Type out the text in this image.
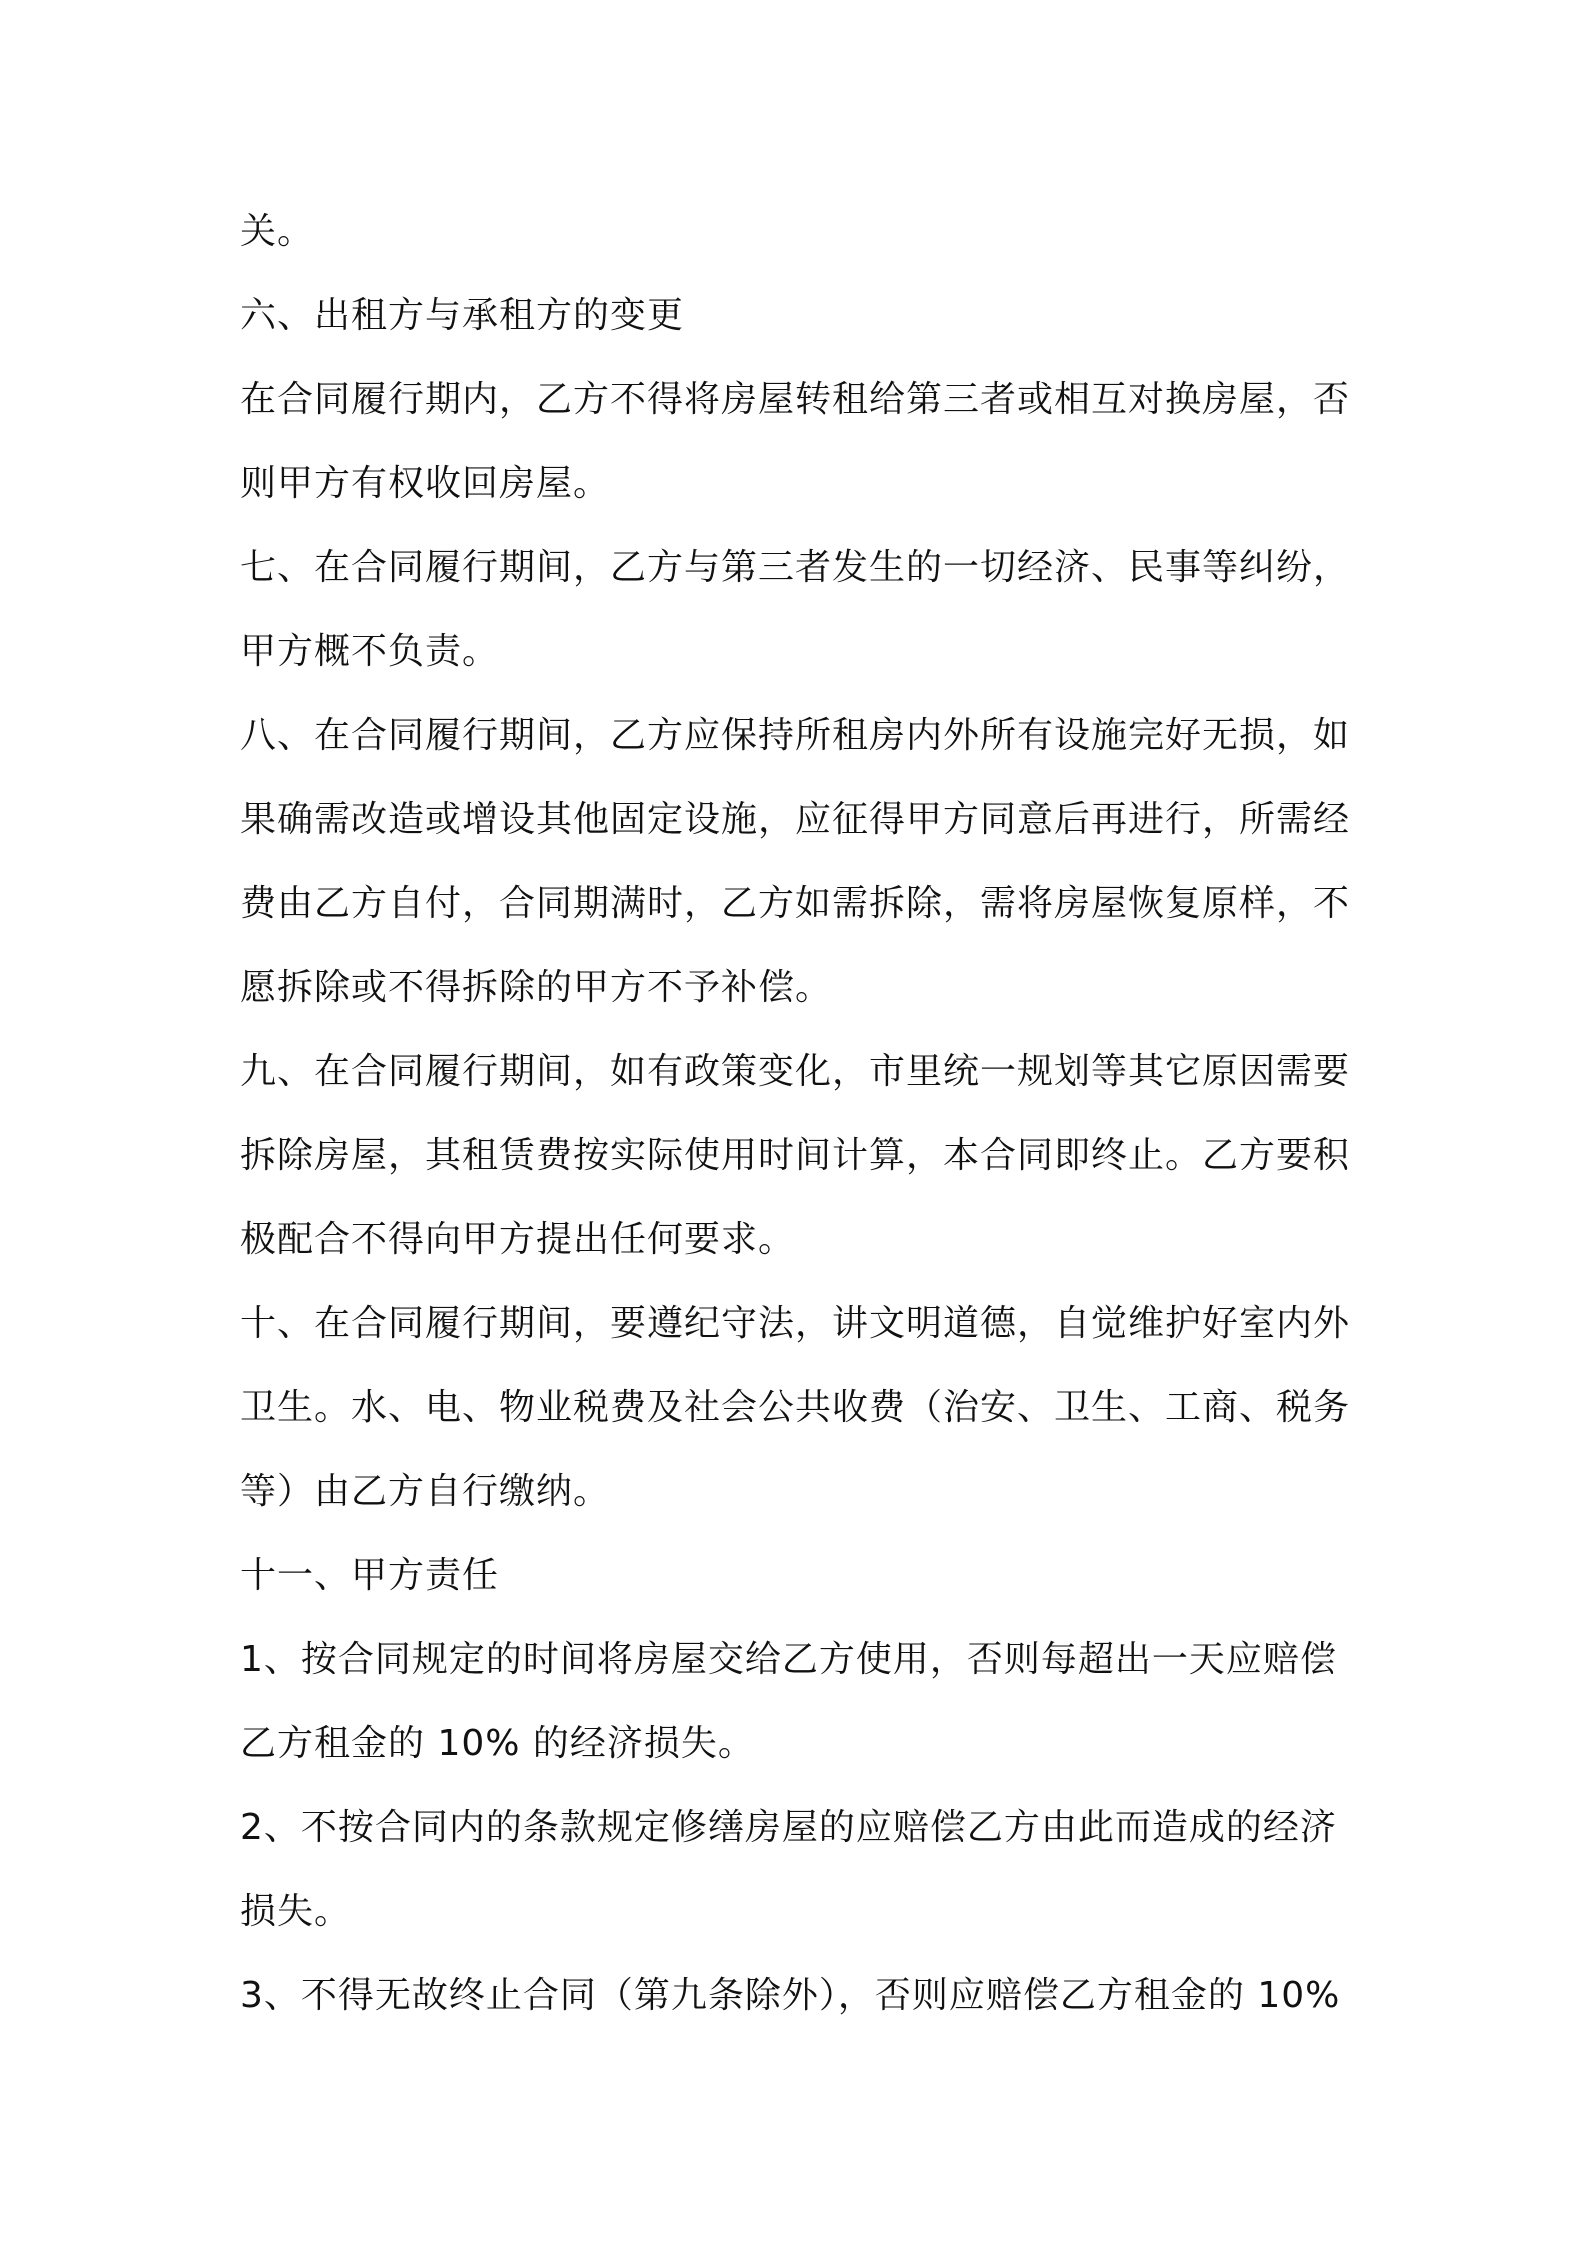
关。
六、出租方与承租方的变更
在合同履行期内，乙方不得将房屋转租给第三者或相互对换房屋，否
则甲方有权收回房屋。
七、在合同履行期间，乙方与第三者发生的一切经济、民事等纠纷，
甲方概不负责。
八、在合同履行期间，乙方应保持所租房内外所有设施完好无损，如
果确需改造或增设其他固定设施，应征得甲方同意后再进行，所需经
费由乙方自付，合同期满时，乙方如需拆除，需将房屋恢复原样，不
愿拆除或不得拆除的甲方不予补偿。
九、在合同履行期间，如有政策变化，市里统一规划等其它原因需要
拆除房屋，其租赁费按实际使用时间计算，本合同即终止。乙方要积
极配合不得向甲方提出任何要求。
十、在合同履行期间，要遵纪守法，讲文明道德，自觉维护好室内外
卫生。水、电、物业税费及社会公共收费（治安、卫生、工商、税务
等）由乙方自行缴纳。
十一、甲方责任
1、按合同规定的时间将房屋交给乙方使用，否则每超出一天应赔偿
乙方租金的 10% 的经济损失。
2、不按合同内的条款规定修缮房屋的应赔偿乙方由此而造成的经济
损失。
3、不得无故终止合同（第九条除外），否则应赔偿乙方租金的 10%
